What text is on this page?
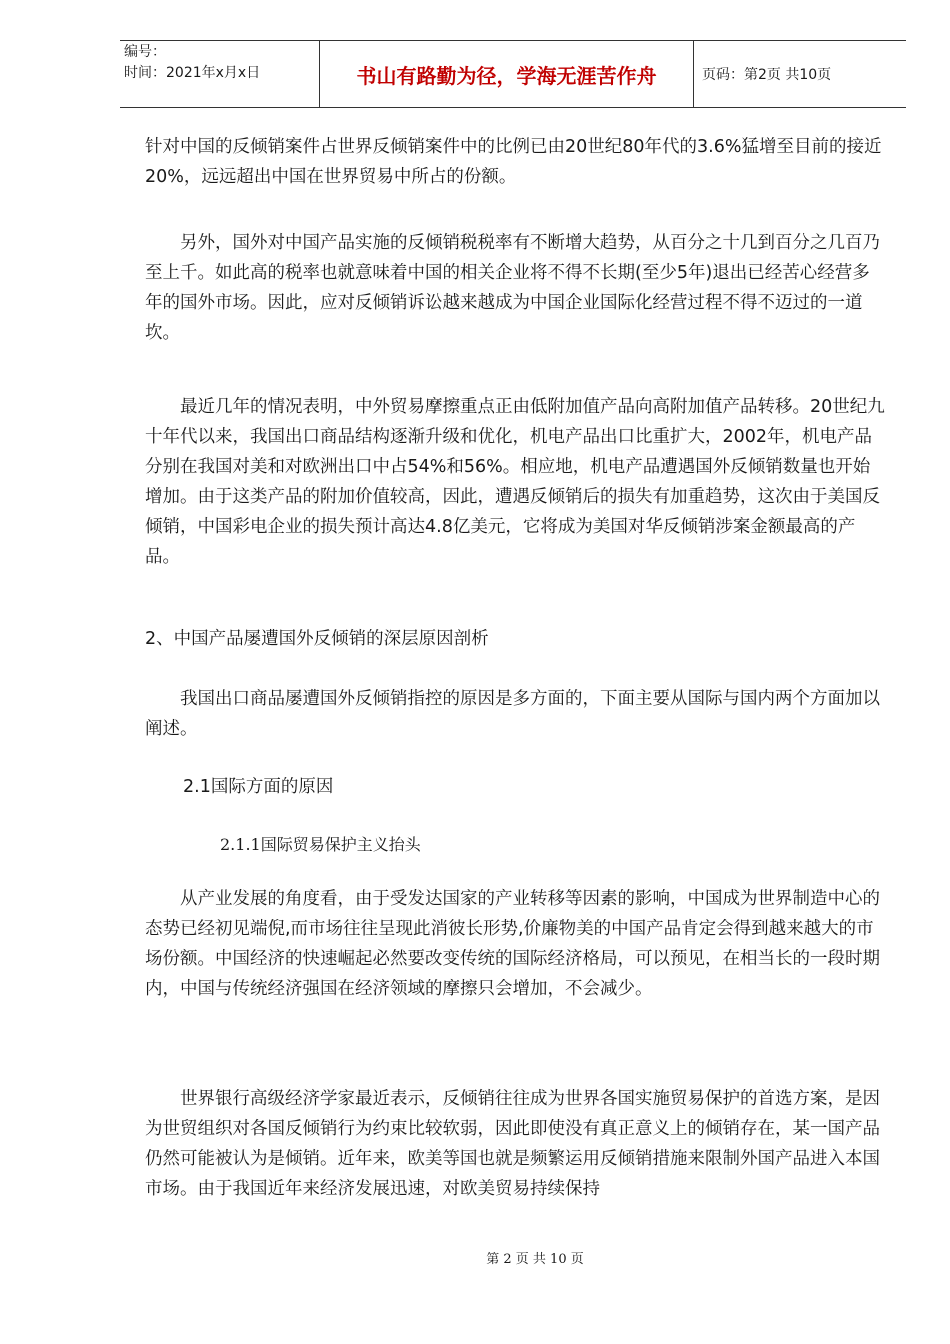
编号：
时间：2021年x月x日	书山有路勤为径，学海无涯苦作舟	页码：第2页 共10页

针对中国的反倾销案件占世界反倾销案件中的比例已由20世纪80年代的3.6%猛增至目前的接近20%，远远超出中国在世界贸易中所占的份额。

另外，国外对中国产品实施的反倾销税税率有不断增大趋势，从百分之十几到百分之几百乃至上千。如此高的税率也就意味着中国的相关企业将不得不长期(至少5年)退出已经苦心经营多年的国外市场。因此，应对反倾销诉讼越来越成为中国企业国际化经营过程不得不迈过的一道坎。

最近几年的情况表明，中外贸易摩擦重点正由低附加值产品向高附加值产品转移。20世纪九十年代以来，我国出口商品结构逐渐升级和优化，机电产品出口比重扩大，2002年，机电产品分别在我国对美和对欧洲出口中占54%和56%。相应地，机电产品遭遇国外反倾销数量也开始增加。由于这类产品的附加价值较高，因此，遭遇反倾销后的损失有加重趋势，这次由于美国反倾销，中国彩电企业的损失预计高达4.8亿美元，它将成为美国对华反倾销涉案金额最高的产品。

2、中国产品屡遭国外反倾销的深层原因剖析

我国出口商品屡遭国外反倾销指控的原因是多方面的，下面主要从国际与国内两个方面加以阐述。

2.1国际方面的原因

2.1.1国际贸易保护主义抬头

从产业发展的角度看，由于受发达国家的产业转移等因素的影响，中国成为世界制造中心的态势已经初见端倪,而市场往往呈现此消彼长形势,价廉物美的中国产品肯定会得到越来越大的市场份额。中国经济的快速崛起必然要改变传统的国际经济格局，可以预见，在相当长的一段时期内，中国与传统经济强国在经济领域的摩擦只会增加，不会减少。

世界银行高级经济学家最近表示，反倾销往往成为世界各国实施贸易保护的首选方案，是因为世贸组织对各国反倾销行为约束比较软弱，因此即使没有真正意义上的倾销存在，某一国产品仍然可能被认为是倾销。近年来，欧美等国也就是频繁运用反倾销措施来限制外国产品进入本国市场。由于我国近年来经济发展迅速，对欧美贸易持续保持

第 2 页 共 10 页
